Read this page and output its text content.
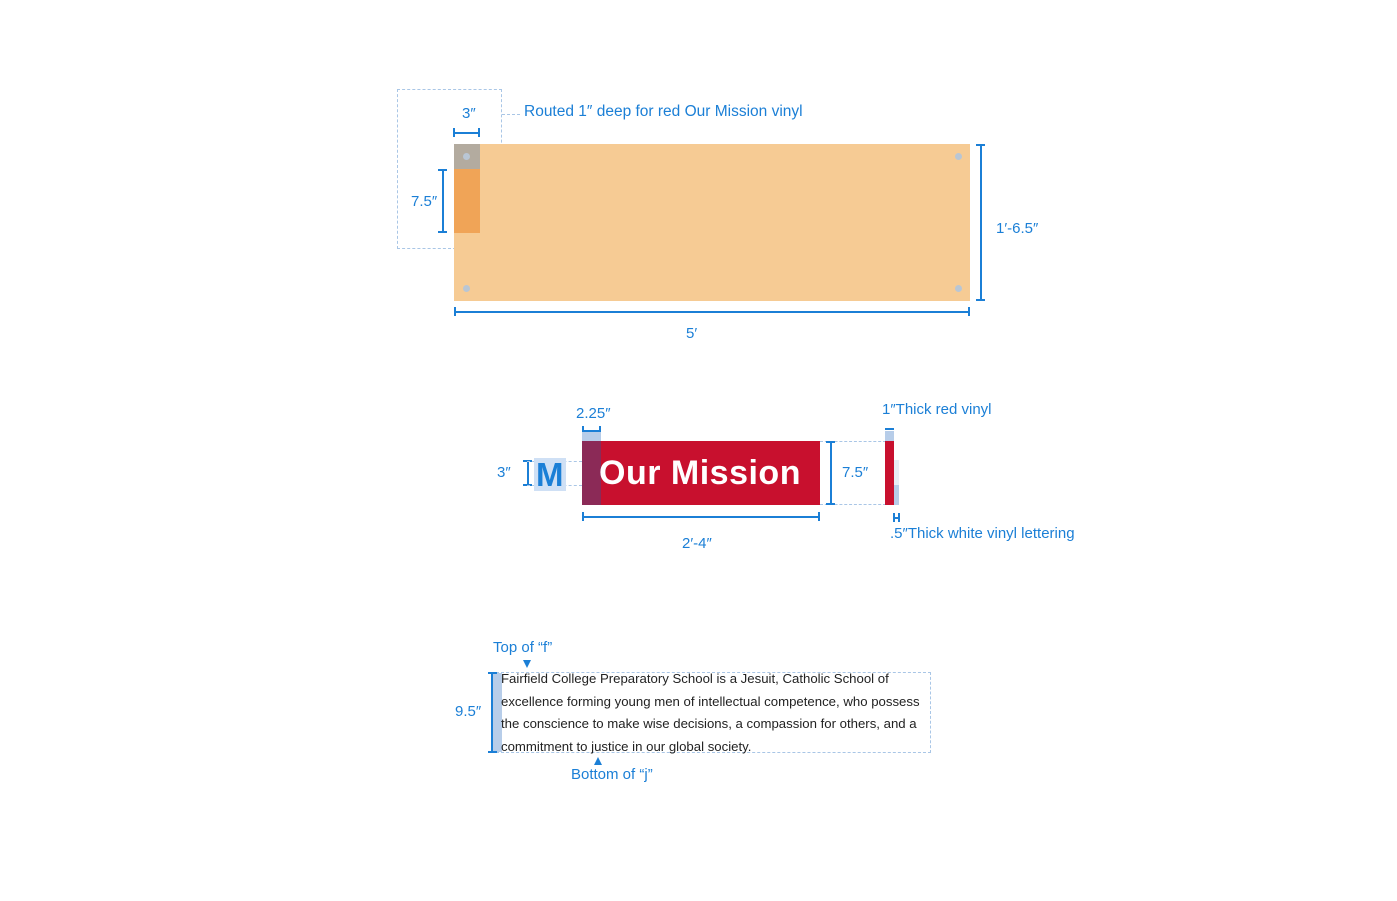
Routed 1″ deep for red Our Mission vinyl
3″
7.5″
1′-6.5″
5′
3″ M
2.25″
Our Mission	7.5″
2′-4″
1″Thick red vinyl
.5″Thick white vinyl lettering
Top of “f”
9.5″
Fairfield College Preparatory School is a Jesuit, Catholic School of
excellence forming young men of intellectual competence, who possess
the conscience to make wise decisions, a compassion for others, and a
commitment to justice in our global society.
Bottom of “j”
